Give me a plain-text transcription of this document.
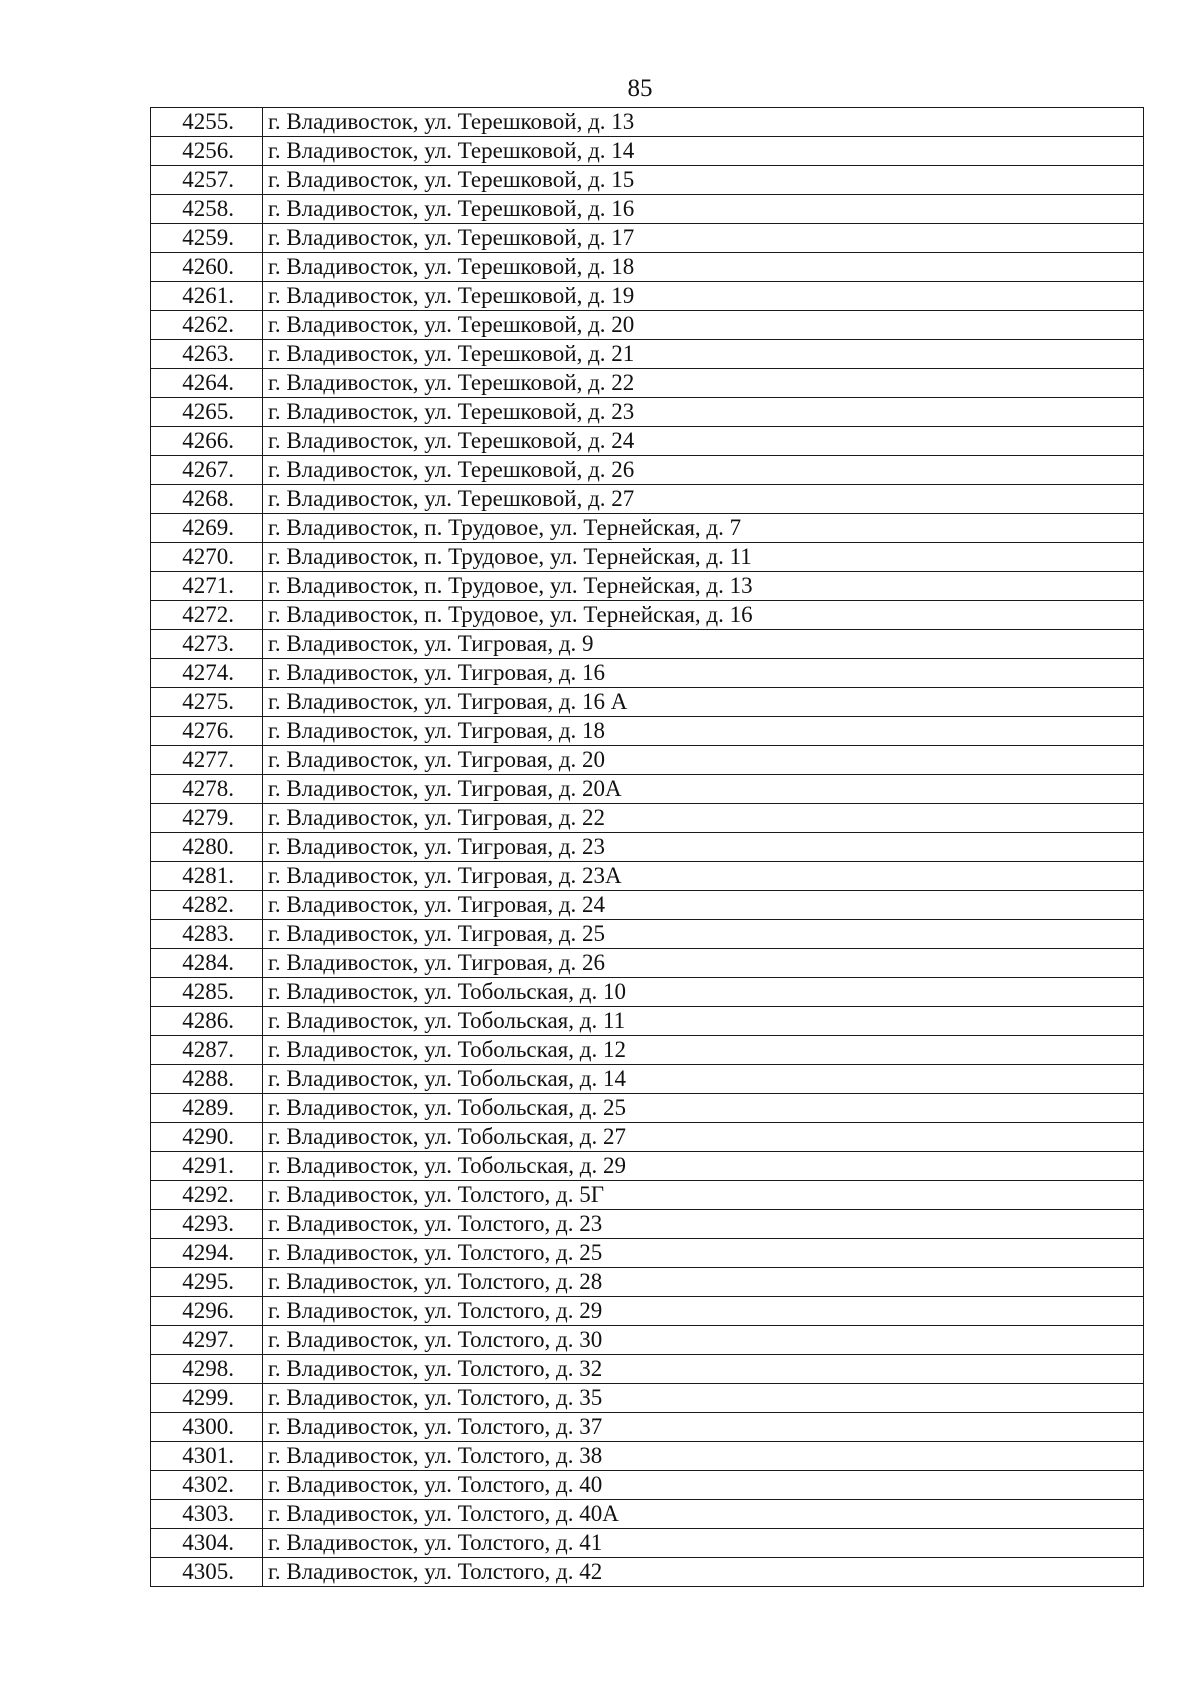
85
4255.	г. Владивосток, ул. Терешковой, д. 13
4256.	г. Владивосток, ул. Терешковой, д. 14
4257.	г. Владивосток, ул. Терешковой, д. 15
4258.	г. Владивосток, ул. Терешковой, д. 16
4259.	г. Владивосток, ул. Терешковой, д. 17
4260.	г. Владивосток, ул. Терешковой, д. 18
4261.	г. Владивосток, ул. Терешковой, д. 19
4262.	г. Владивосток, ул. Терешковой, д. 20
4263.	г. Владивосток, ул. Терешковой, д. 21
4264.	г. Владивосток, ул. Терешковой, д. 22
4265.	г. Владивосток, ул. Терешковой, д. 23
4266.	г. Владивосток, ул. Терешковой, д. 24
4267.	г. Владивосток, ул. Терешковой, д. 26
4268.	г. Владивосток, ул. Терешковой, д. 27
4269.	г. Владивосток, п. Трудовое, ул. Тернейская, д. 7
4270.	г. Владивосток, п. Трудовое, ул. Тернейская, д. 11
4271.	г. Владивосток, п. Трудовое, ул. Тернейская, д. 13
4272.	г. Владивосток, п. Трудовое, ул. Тернейская, д. 16
4273.	г. Владивосток, ул. Тигровая, д. 9
4274.	г. Владивосток, ул. Тигровая, д. 16
4275.	г. Владивосток, ул. Тигровая, д. 16 А
4276.	г. Владивосток, ул. Тигровая, д. 18
4277.	г. Владивосток, ул. Тигровая, д. 20
4278.	г. Владивосток, ул. Тигровая, д. 20А
4279.	г. Владивосток, ул. Тигровая, д. 22
4280.	г. Владивосток, ул. Тигровая, д. 23
4281.	г. Владивосток, ул. Тигровая, д. 23А
4282.	г. Владивосток, ул. Тигровая, д. 24
4283.	г. Владивосток, ул. Тигровая, д. 25
4284.	г. Владивосток, ул. Тигровая, д. 26
4285.	г. Владивосток, ул. Тобольская, д. 10
4286.	г. Владивосток, ул. Тобольская, д. 11
4287.	г. Владивосток, ул. Тобольская, д. 12
4288.	г. Владивосток, ул. Тобольская, д. 14
4289.	г. Владивосток, ул. Тобольская, д. 25
4290.	г. Владивосток, ул. Тобольская, д. 27
4291.	г. Владивосток, ул. Тобольская, д. 29
4292.	г. Владивосток, ул. Толстого, д. 5Г
4293.	г. Владивосток, ул. Толстого, д. 23
4294.	г. Владивосток, ул. Толстого, д. 25
4295.	г. Владивосток, ул. Толстого, д. 28
4296.	г. Владивосток, ул. Толстого, д. 29
4297.	г. Владивосток, ул. Толстого, д. 30
4298.	г. Владивосток, ул. Толстого, д. 32
4299.	г. Владивосток, ул. Толстого, д. 35
4300.	г. Владивосток, ул. Толстого, д. 37
4301.	г. Владивосток, ул. Толстого, д. 38
4302.	г. Владивосток, ул. Толстого, д. 40
4303.	г. Владивосток, ул. Толстого, д. 40А
4304.	г. Владивосток, ул. Толстого, д. 41
4305.	г. Владивосток, ул. Толстого, д. 42
